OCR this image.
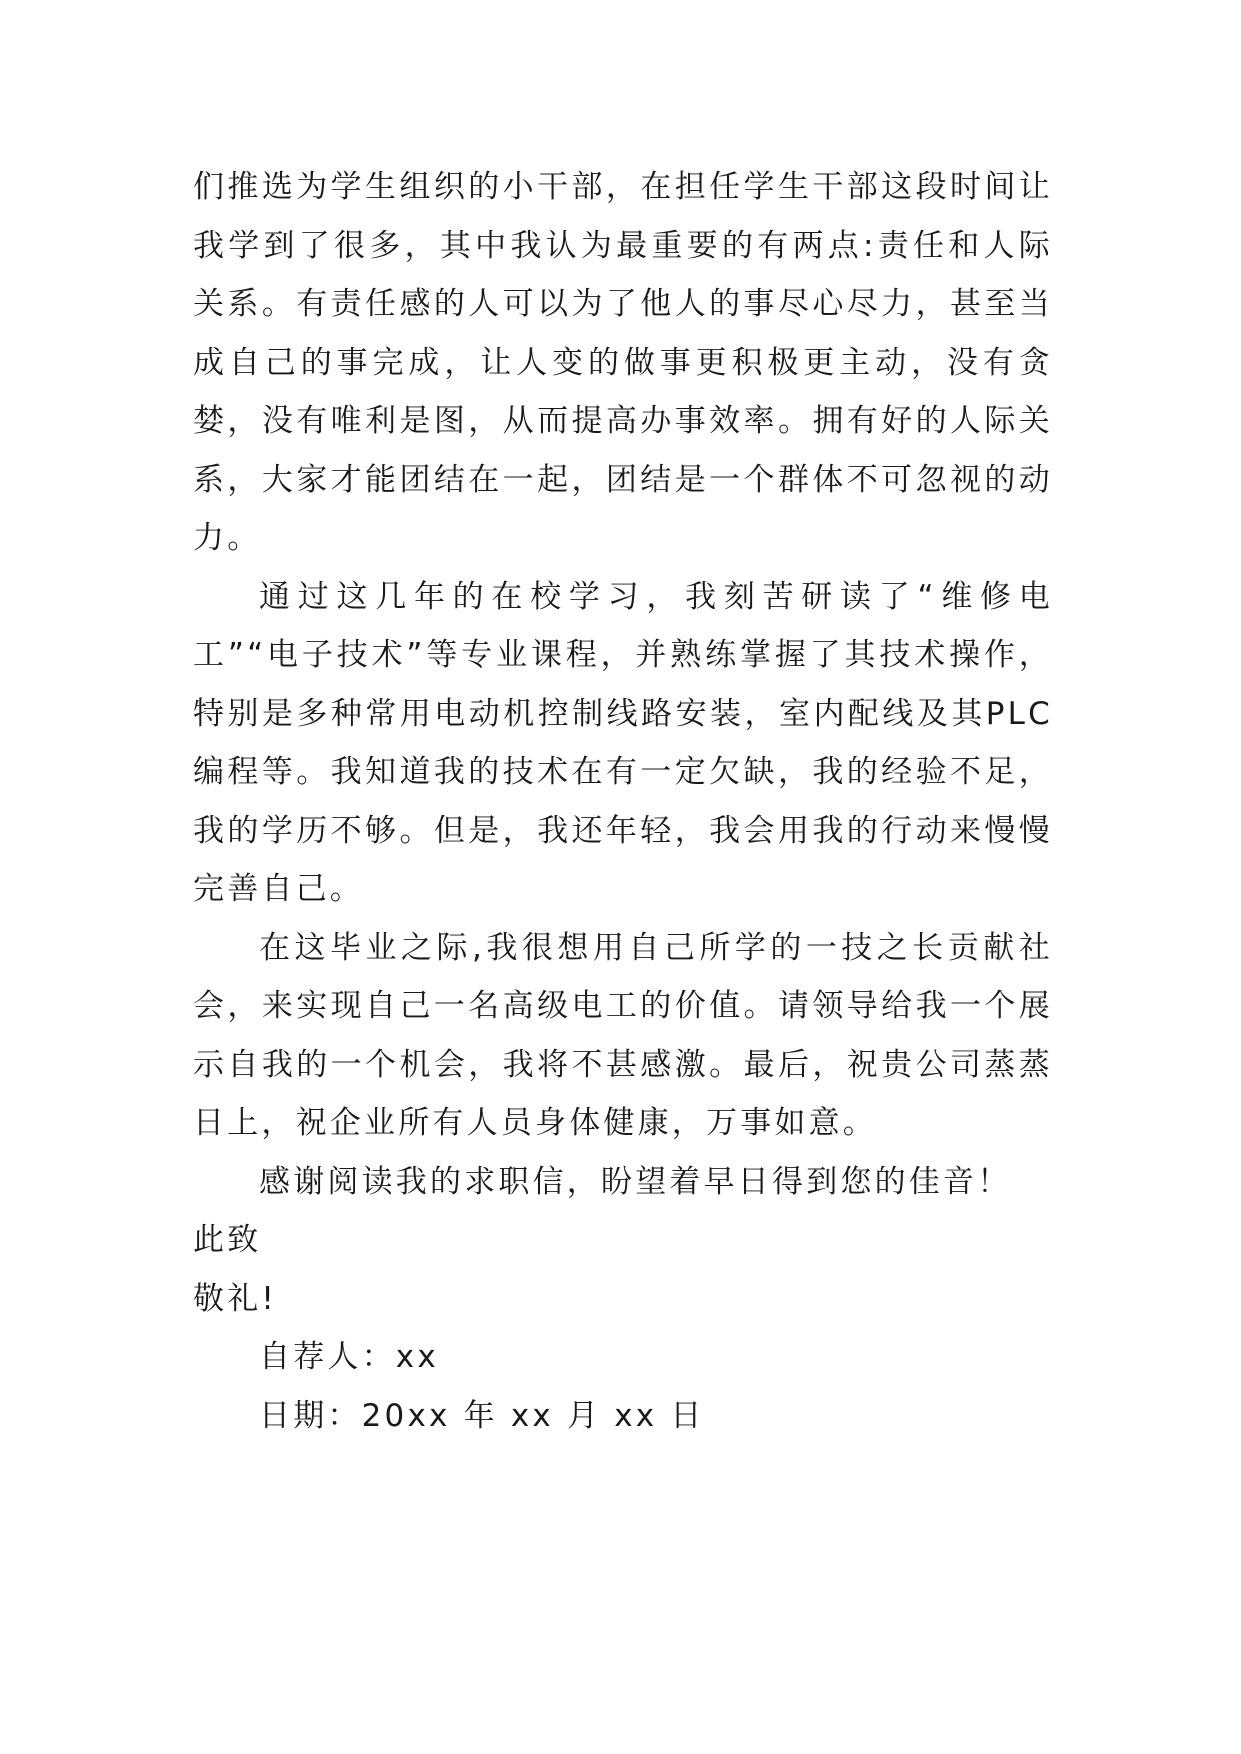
们推选为学生组织的小干部，在担任学生干部这段时间让我学到了很多，其中我认为最重要的有两点:责任和人际关系。有责任感的人可以为了他人的事尽心尽力，甚至当成自己的事完成，让人变的做事更积极更主动，没有贪婪，没有唯利是图，从而提高办事效率。拥有好的人际关系，大家才能团结在一起，团结是一个群体不可忽视的动力。

通过这几年的在校学习，我刻苦研读了“维修电工”“电子技术”等专业课程，并熟练掌握了其技术操作，特别是多种常用电动机控制线路安装，室内配线及其PLC编程等。我知道我的技术在有一定欠缺，我的经验不足，我的学历不够。但是，我还年轻，我会用我的行动来慢慢完善自己。

在这毕业之际,我很想用自己所学的一技之长贡献社会，来实现自己一名高级电工的价值。请领导给我一个展示自我的一个机会，我将不甚感激。最后，祝贵公司蒸蒸日上，祝企业所有人员身体健康，万事如意。

感谢阅读我的求职信，盼望着早日得到您的佳音！

此致

敬礼!

自荐人：xx

日期：20xx 年 xx 月 xx 日
